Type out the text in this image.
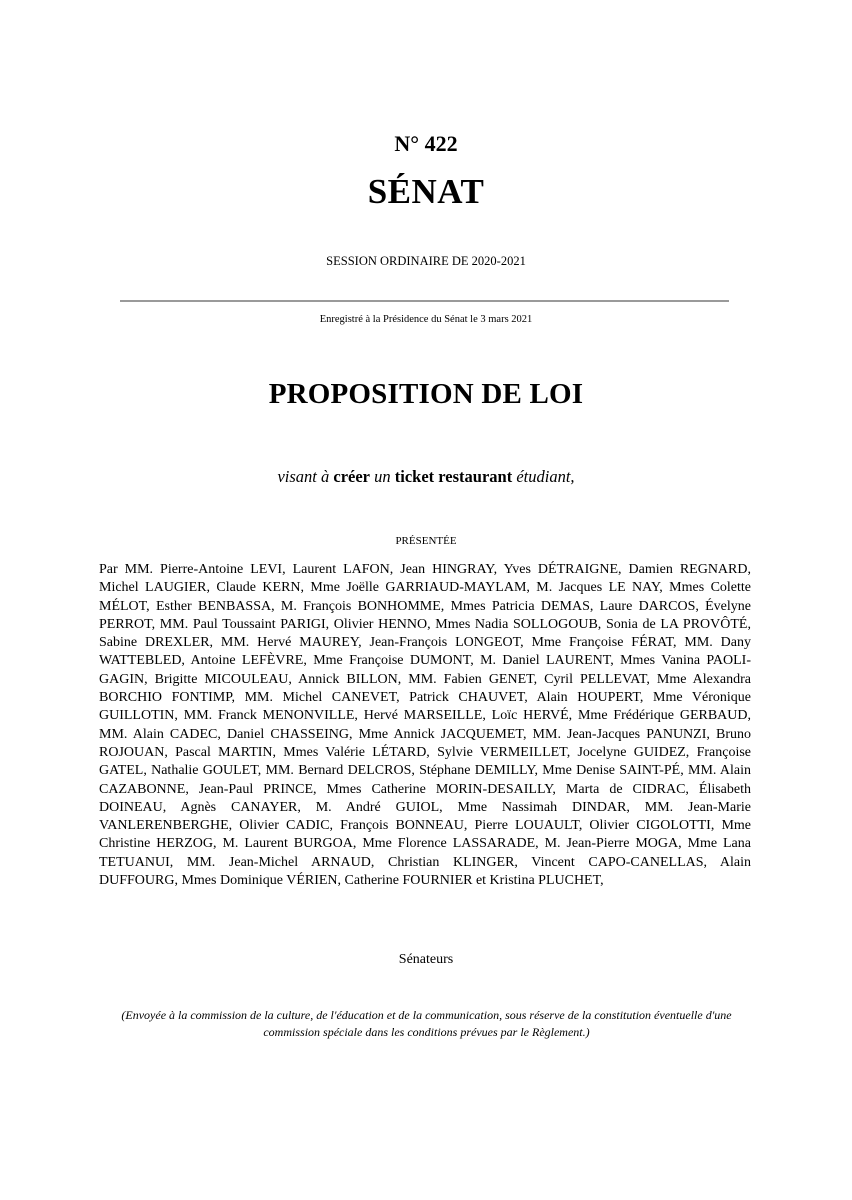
N° 422
SÉNAT
SESSION ORDINAIRE DE 2020-2021
Enregistré à la Présidence du Sénat le 3 mars 2021
PROPOSITION DE LOI
visant à créer un ticket restaurant étudiant,
PRÉSENTÉE
Par MM. Pierre-Antoine LEVI, Laurent LAFON, Jean HINGRAY, Yves DÉTRAIGNE, Damien REGNARD, Michel LAUGIER, Claude KERN, Mme Joëlle GARRIAUD-MAYLAM, M. Jacques LE NAY, Mmes Colette MÉLOT, Esther BENBASSA, M. François BONHOMME, Mmes Patricia DEMAS, Laure DARCOS, Évelyne PERROT, MM. Paul Toussaint PARIGI, Olivier HENNO, Mmes Nadia SOLLOGOUB, Sonia de LA PROVÔTÉ, Sabine DREXLER, MM. Hervé MAUREY, Jean-François LONGEOT, Mme Françoise FÉRAT, MM. Dany WATTEBLED, Antoine LEFÈVRE, Mme Françoise DUMONT, M. Daniel LAURENT, Mmes Vanina PAOLI-GAGIN, Brigitte MICOULEAU, Annick BILLON, MM. Fabien GENET, Cyril PELLEVAT, Mme Alexandra BORCHIO FONTIMP, MM. Michel CANEVET, Patrick CHAUVET, Alain HOUPERT, Mme Véronique GUILLOTIN, MM. Franck MENONVILLE, Hervé MARSEILLE, Loïc HERVÉ, Mme Frédérique GERBAUD, MM. Alain CADEC, Daniel CHASSEING, Mme Annick JACQUEMET, MM. Jean-Jacques PANUNZI, Bruno ROJOUAN, Pascal MARTIN, Mmes Valérie LÉTARD, Sylvie VERMEILLET, Jocelyne GUIDEZ, Françoise GATEL, Nathalie GOULET, MM. Bernard DELCROS, Stéphane DEMILLY, Mme Denise SAINT-PÉ, MM. Alain CAZABONNE, Jean-Paul PRINCE, Mmes Catherine MORIN-DESAILLY, Marta de CIDRAC, Élisabeth DOINEAU, Agnès CANAYER, M. André GUIOL, Mme Nassimah DINDAR, MM. Jean-Marie VANLERENBERGHE, Olivier CADIC, François BONNEAU, Pierre LOUAULT, Olivier CIGOLOTTI, Mme Christine HERZOG, M. Laurent BURGOA, Mme Florence LASSARADE, M. Jean-Pierre MOGA, Mme Lana TETUANUI, MM. Jean-Michel ARNAUD, Christian KLINGER, Vincent CAPO-CANELLAS, Alain DUFFOURG, Mmes Dominique VÉRIEN, Catherine FOURNIER et Kristina PLUCHET,
Sénateurs
(Envoyée à la commission de la culture, de l'éducation et de la communication, sous réserve de la constitution éventuelle d'une commission spéciale dans les conditions prévues par le Règlement.)
